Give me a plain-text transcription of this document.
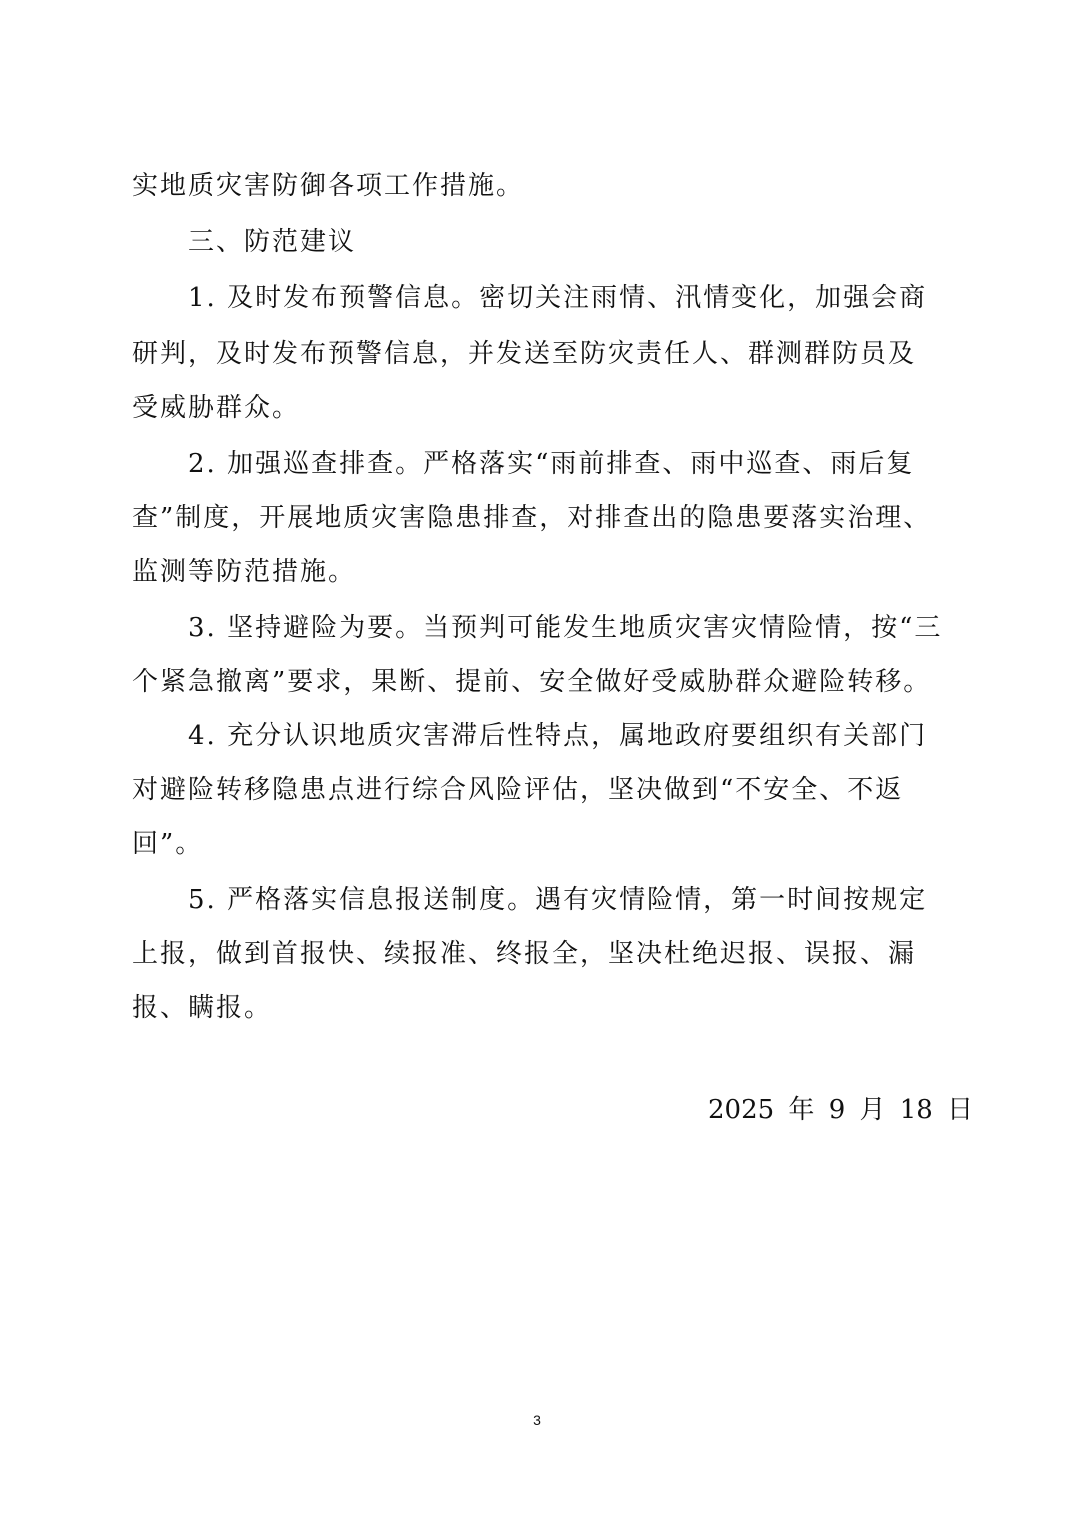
实地质灾害防御各项工作措施。
三、防范建议
1. 及时发布预警信息。密切关注雨情、汛情变化，加强会商
研判，及时发布预警信息，并发送至防灾责任人、群测群防员及
受威胁群众。
2. 加强巡查排查。严格落实“雨前排查、雨中巡查、雨后复
查”制度，开展地质灾害隐患排查，对排查出的隐患要落实治理、
监测等防范措施。
3. 坚持避险为要。当预判可能发生地质灾害灾情险情，按“三
个紧急撤离”要求，果断、提前、安全做好受威胁群众避险转移。
4. 充分认识地质灾害滞后性特点，属地政府要组织有关部门
对避险转移隐患点进行综合风险评估，坚决做到“不安全、不返
回”。
5. 严格落实信息报送制度。遇有灾情险情，第一时间按规定
上报，做到首报快、续报准、终报全，坚决杜绝迟报、误报、漏
报、瞒报。
2025 年 9 月 18 日
3
